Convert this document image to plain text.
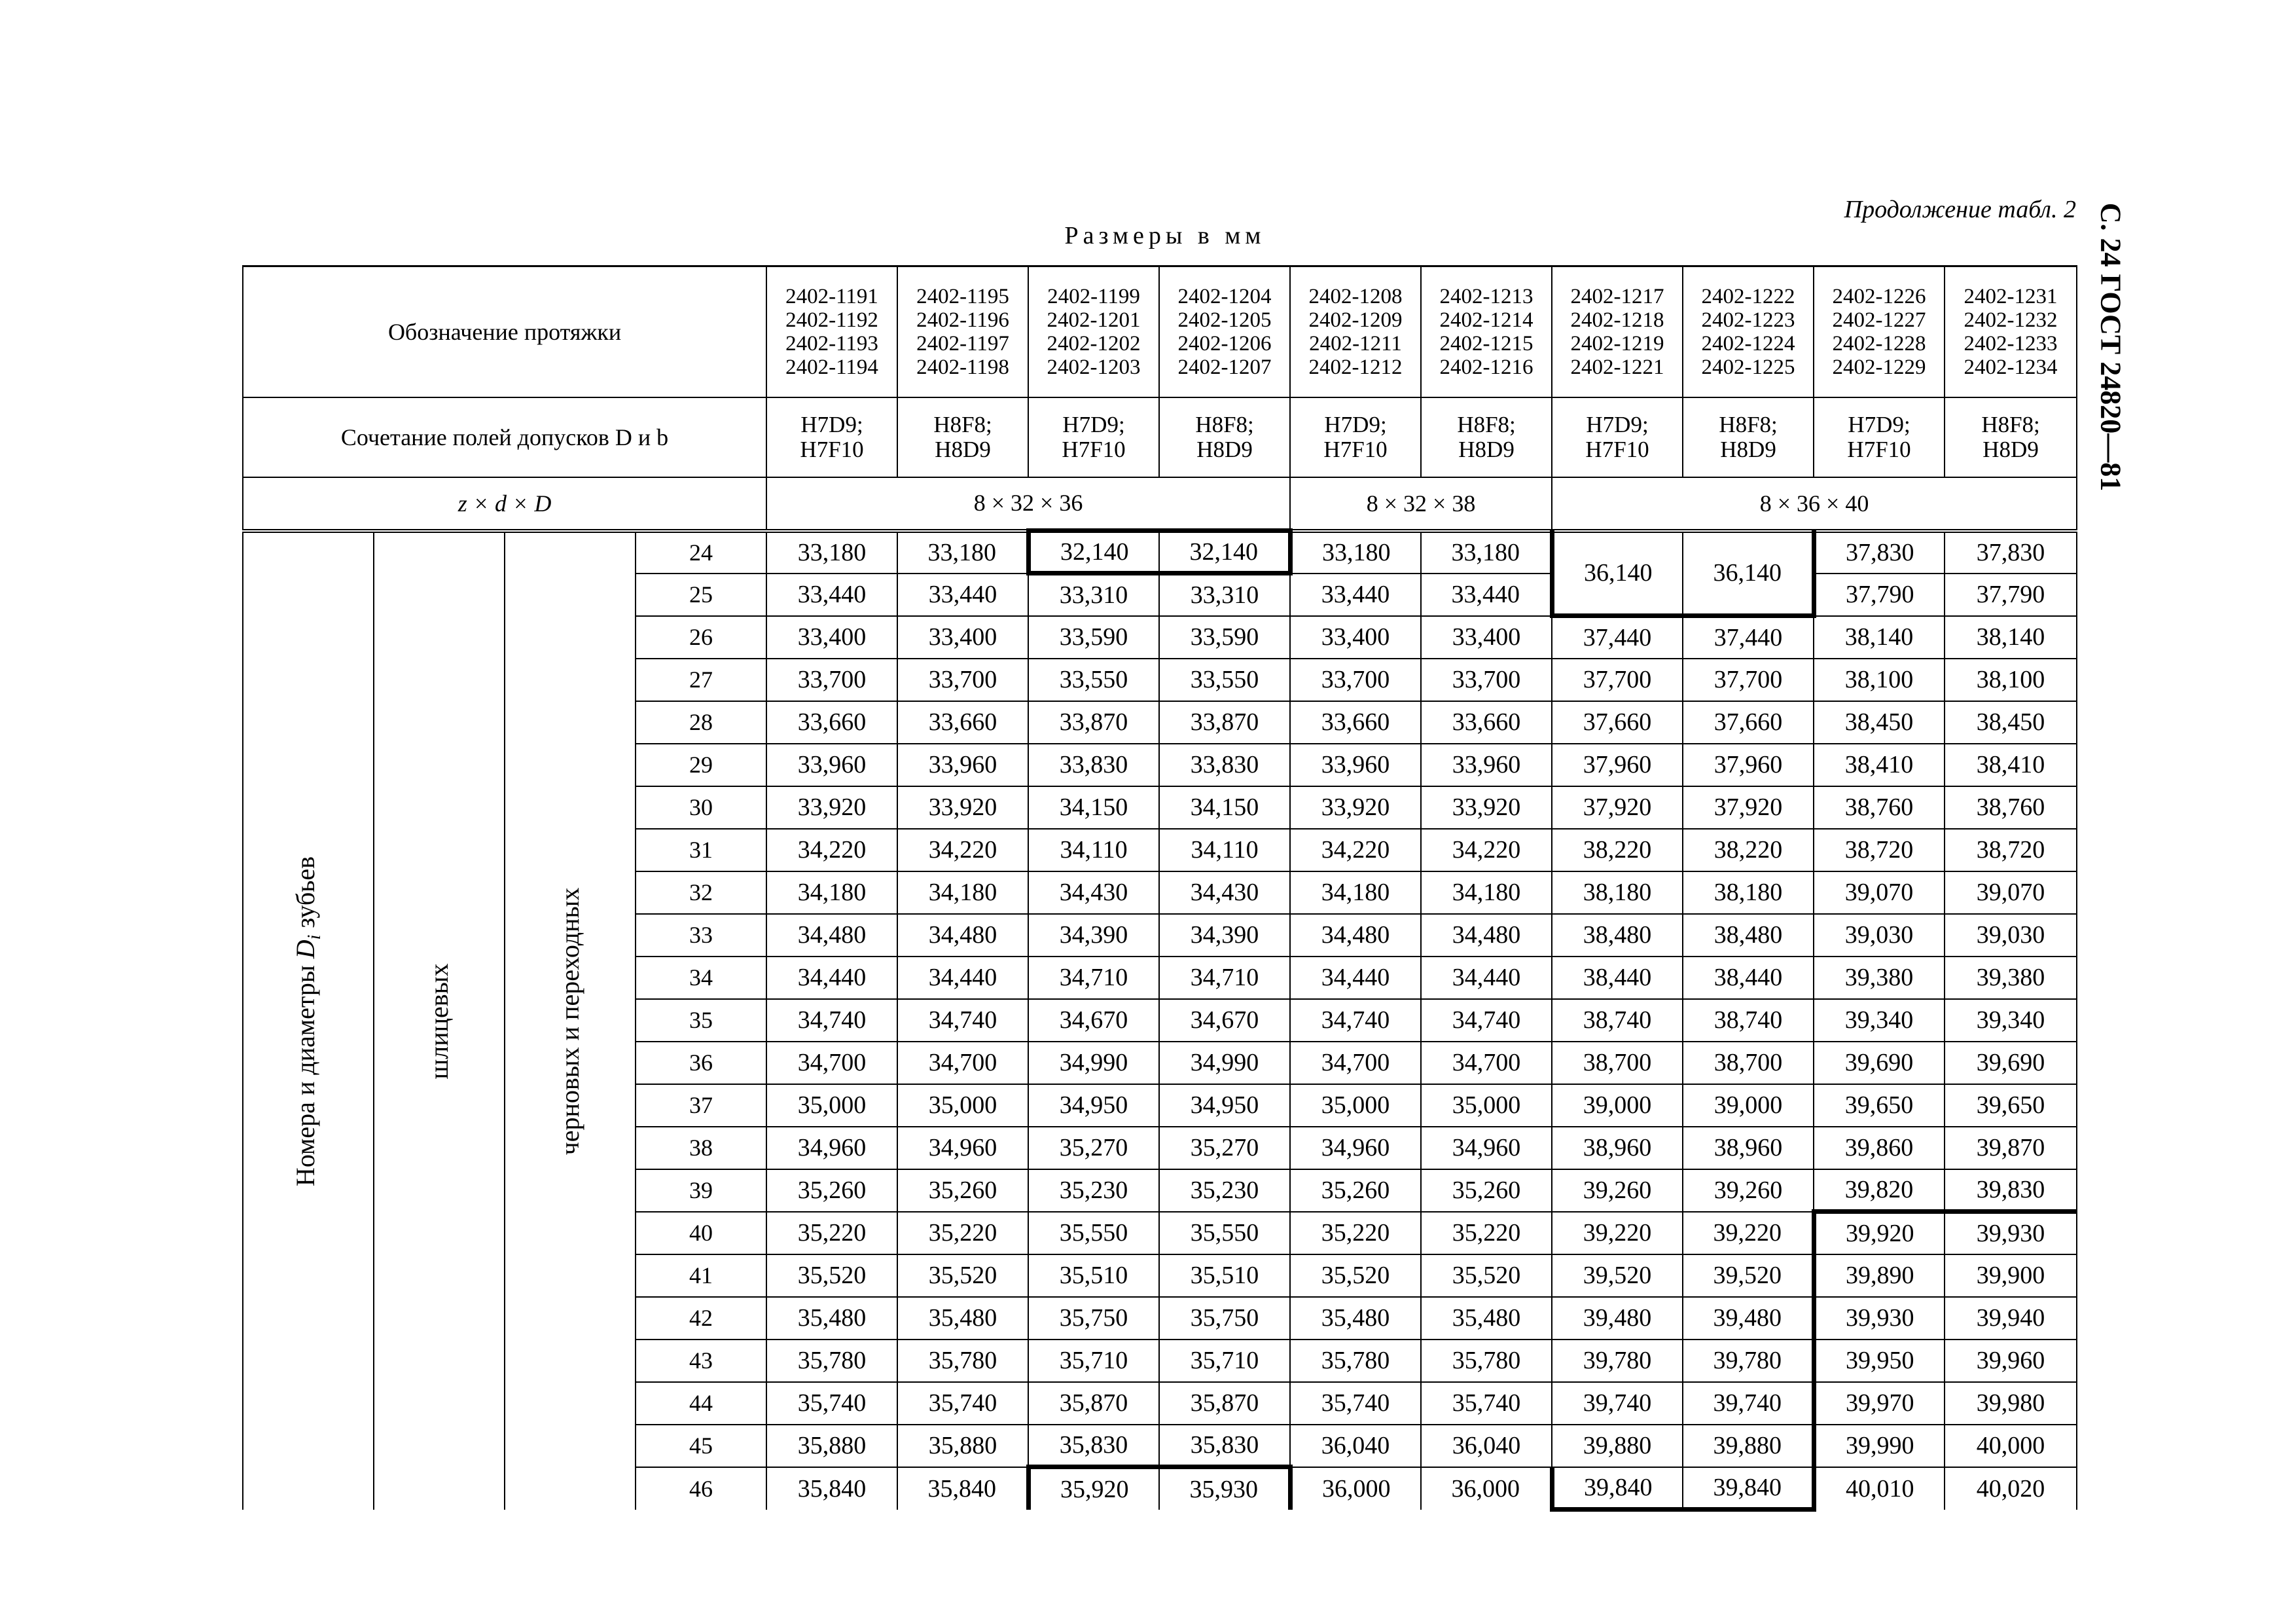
Продолжение табл. 2
Размеры в мм	С. 24 ГОСТ 24820—81
Обозначение протяжки				2402-1191
2402-1192
2402-1193
2402-1194	2402-1195
2402-1196
2402-1197
2402-1198	2402-1199
2402-1201
2402-1202
2402-1203	2402-1204
2402-1205
2402-1206
2402-1207	2402-1208
2402-1209
2402-1211
2402-1212	2402-1213
2402-1214
2402-1215
2402-1216	2402-1217
2402-1218
2402-1219
2402-1221	2402-1222
2402-1223
2402-1224
2402-1225	2402-1226
2402-1227
2402-1228
2402-1229	2402-1231
2402-1232
2402-1233
2402-1234
Сочетание полей допусков D и b				H7D9;
H7F10	H8F8;
H8D9	H7D9;
H7F10	H8F8;
H8D9	H7D9;
H7F10	H8F8;
H8D9	H7D9;
H7F10	H8F8;
H8D9	H7D9;
H7F10	H8F8;
H8D9
z × d × D				8 × 32 × 36				8 × 32 × 38		8 × 36 × 40			

Номера и диаметры $D_i$ зубьев	шлицевых	черновых и переходных	24	33,180	33,180	32,140	32,140	33,180	33,180	36,140	36,140	37,830	37,830
			25	33,440	33,440	33,310	33,310	33,440	33,440			37,790	37,790
			26	33,400	33,400	33,590	33,590	33,400	33,400	37,440	37,440	38,140	38,140
			27	33,700	33,700	33,550	33,550	33,700	33,700	37,700	37,700	38,100	38,100
			28	33,660	33,660	33,870	33,870	33,660	33,660	37,660	37,660	38,450	38,450
			29	33,960	33,960	33,830	33,830	33,960	33,960	37,960	37,960	38,410	38,410
			30	33,920	33,920	34,150	34,150	33,920	33,920	37,920	37,920	38,760	38,760
			31	34,220	34,220	34,110	34,110	34,220	34,220	38,220	38,220	38,720	38,720
			32	34,180	34,180	34,430	34,430	34,180	34,180	38,180	38,180	39,070	39,070
			33	34,480	34,480	34,390	34,390	34,480	34,480	38,480	38,480	39,030	39,030
			34	34,440	34,440	34,710	34,710	34,440	34,440	38,440	38,440	39,380	39,380
			35	34,740	34,740	34,670	34,670	34,740	34,740	38,740	38,740	39,340	39,340
			36	34,700	34,700	34,990	34,990	34,700	34,700	38,700	38,700	39,690	39,690
			37	35,000	35,000	34,950	34,950	35,000	35,000	39,000	39,000	39,650	39,650
			38	34,960	34,960	35,270	35,270	34,960	34,960	38,960	38,960	39,860	39,870
			39	35,260	35,260	35,230	35,230	35,260	35,260	39,260	39,260	39,820	39,830
			40	35,220	35,220	35,550	35,550	35,220	35,220	39,220	39,220	39,920	39,930
			41	35,520	35,520	35,510	35,510	35,520	35,520	39,520	39,520	39,890	39,900
			42	35,480	35,480	35,750	35,750	35,480	35,480	39,480	39,480	39,930	39,940
			43	35,780	35,780	35,710	35,710	35,780	35,780	39,780	39,780	39,950	39,960
			44	35,740	35,740	35,870	35,870	35,740	35,740	39,740	39,740	39,970	39,980
			45	35,880	35,880	35,830	35,830	36,040	36,040	39,880	39,880	39,990	40,000
			46	35,840	35,840	35,920	35,930	36,000	36,000	39,840	39,840	40,010	40,020
